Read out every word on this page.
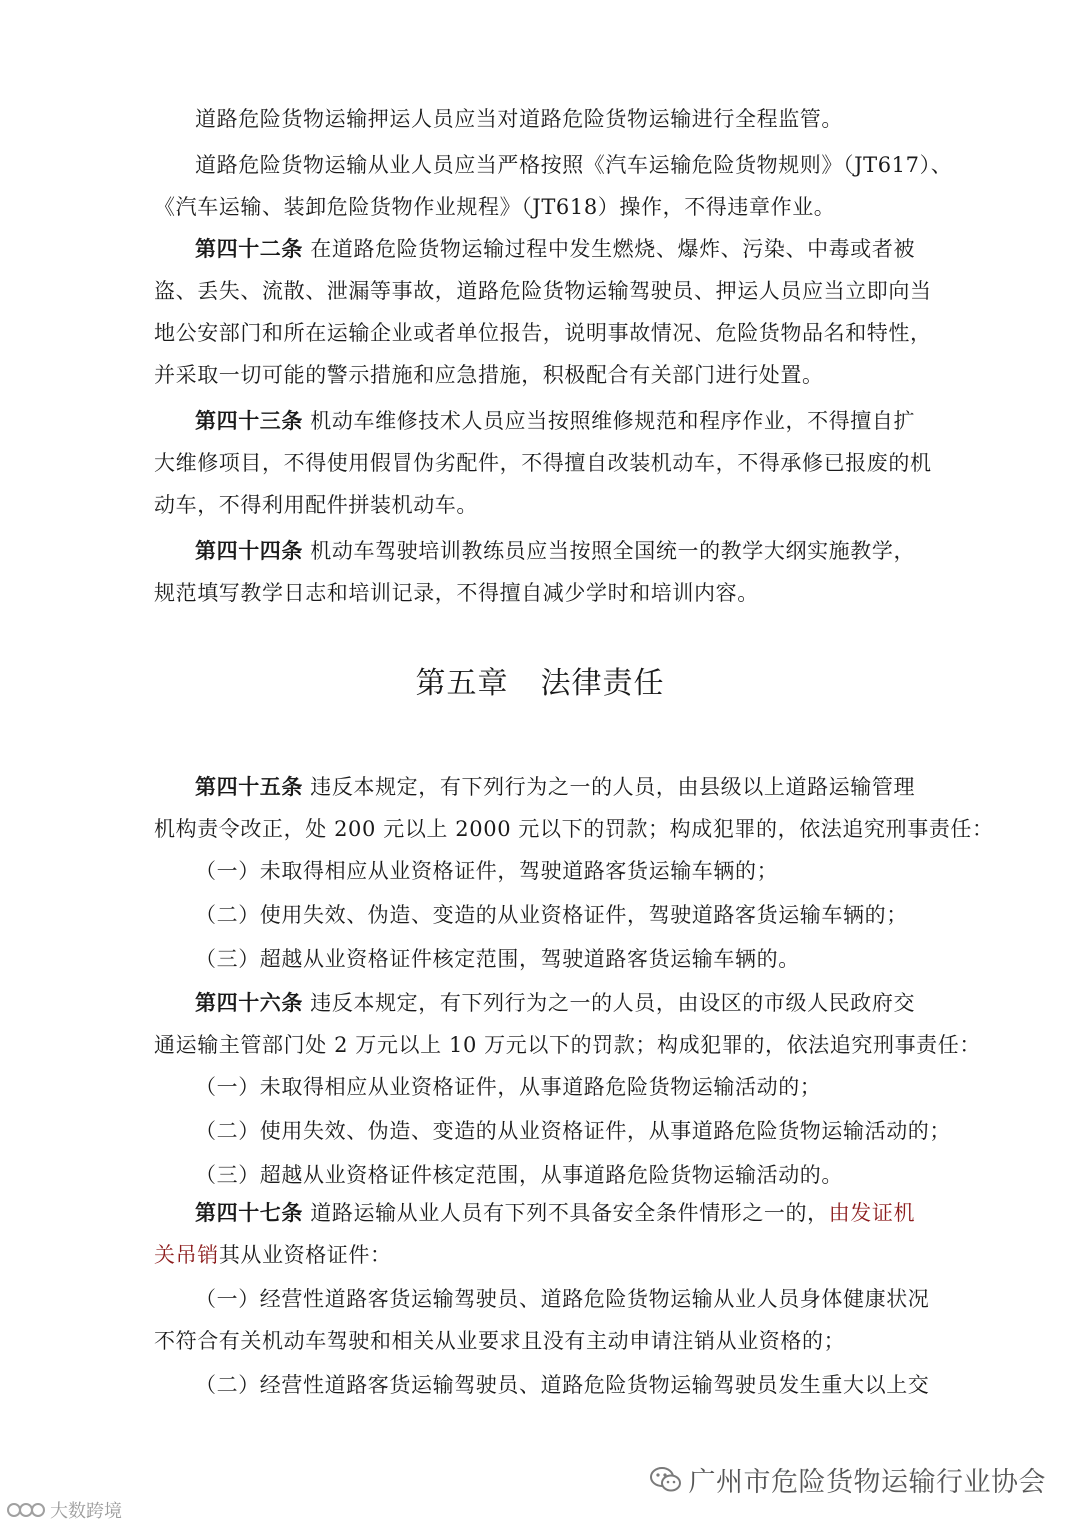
道路危险货物运输押运人员应当对道路危险货物运输进行全程监管。
道路危险货物运输从业人员应当严格按照《汽车运输危险货物规则》（JT617）、
《汽车运输、装卸危险货物作业规程》（JT618）操作，不得违章作业。
第四十二条 在道路危险货物运输过程中发生燃烧、爆炸、污染、中毒或者被
盗、丢失、流散、泄漏等事故，道路危险货物运输驾驶员、押运人员应当立即向当
地公安部门和所在运输企业或者单位报告，说明事故情况、危险货物品名和特性，
并采取一切可能的警示措施和应急措施，积极配合有关部门进行处置。
第四十三条 机动车维修技术人员应当按照维修规范和程序作业，不得擅自扩
大维修项目，不得使用假冒伪劣配件，不得擅自改装机动车，不得承修已报废的机
动车，不得利用配件拼装机动车。
第四十四条 机动车驾驶培训教练员应当按照全国统一的教学大纲实施教学，
规范填写教学日志和培训记录，不得擅自减少学时和培训内容。
第四十五条 违反本规定，有下列行为之一的人员，由县级以上道路运输管理
机构责令改正，处 200 元以上 2000 元以下的罚款；构成犯罪的，依法追究刑事责任：
（一）未取得相应从业资格证件，驾驶道路客货运输车辆的；
（二）使用失效、伪造、变造的从业资格证件，驾驶道路客货运输车辆的；
（三）超越从业资格证件核定范围，驾驶道路客货运输车辆的。
第四十六条 违反本规定，有下列行为之一的人员，由设区的市级人民政府交
通运输主管部门处 2 万元以上 10 万元以下的罚款；构成犯罪的，依法追究刑事责任：
（一）未取得相应从业资格证件，从事道路危险货物运输活动的；
（二）使用失效、伪造、变造的从业资格证件，从事道路危险货物运输活动的；
（三）超越从业资格证件核定范围，从事道路危险货物运输活动的。
第四十七条 道路运输从业人员有下列不具备安全条件情形之一的，由发证机
关吊销其从业资格证件：
（一）经营性道路客货运输驾驶员、道路危险货物运输从业人员身体健康状况
不符合有关机动车驾驶和相关从业要求且没有主动申请注销从业资格的；
（二）经营性道路客货运输驾驶员、道路危险货物运输驾驶员发生重大以上交
第五章 法律责任
广州市危险货物运输行业协会
大数跨境
